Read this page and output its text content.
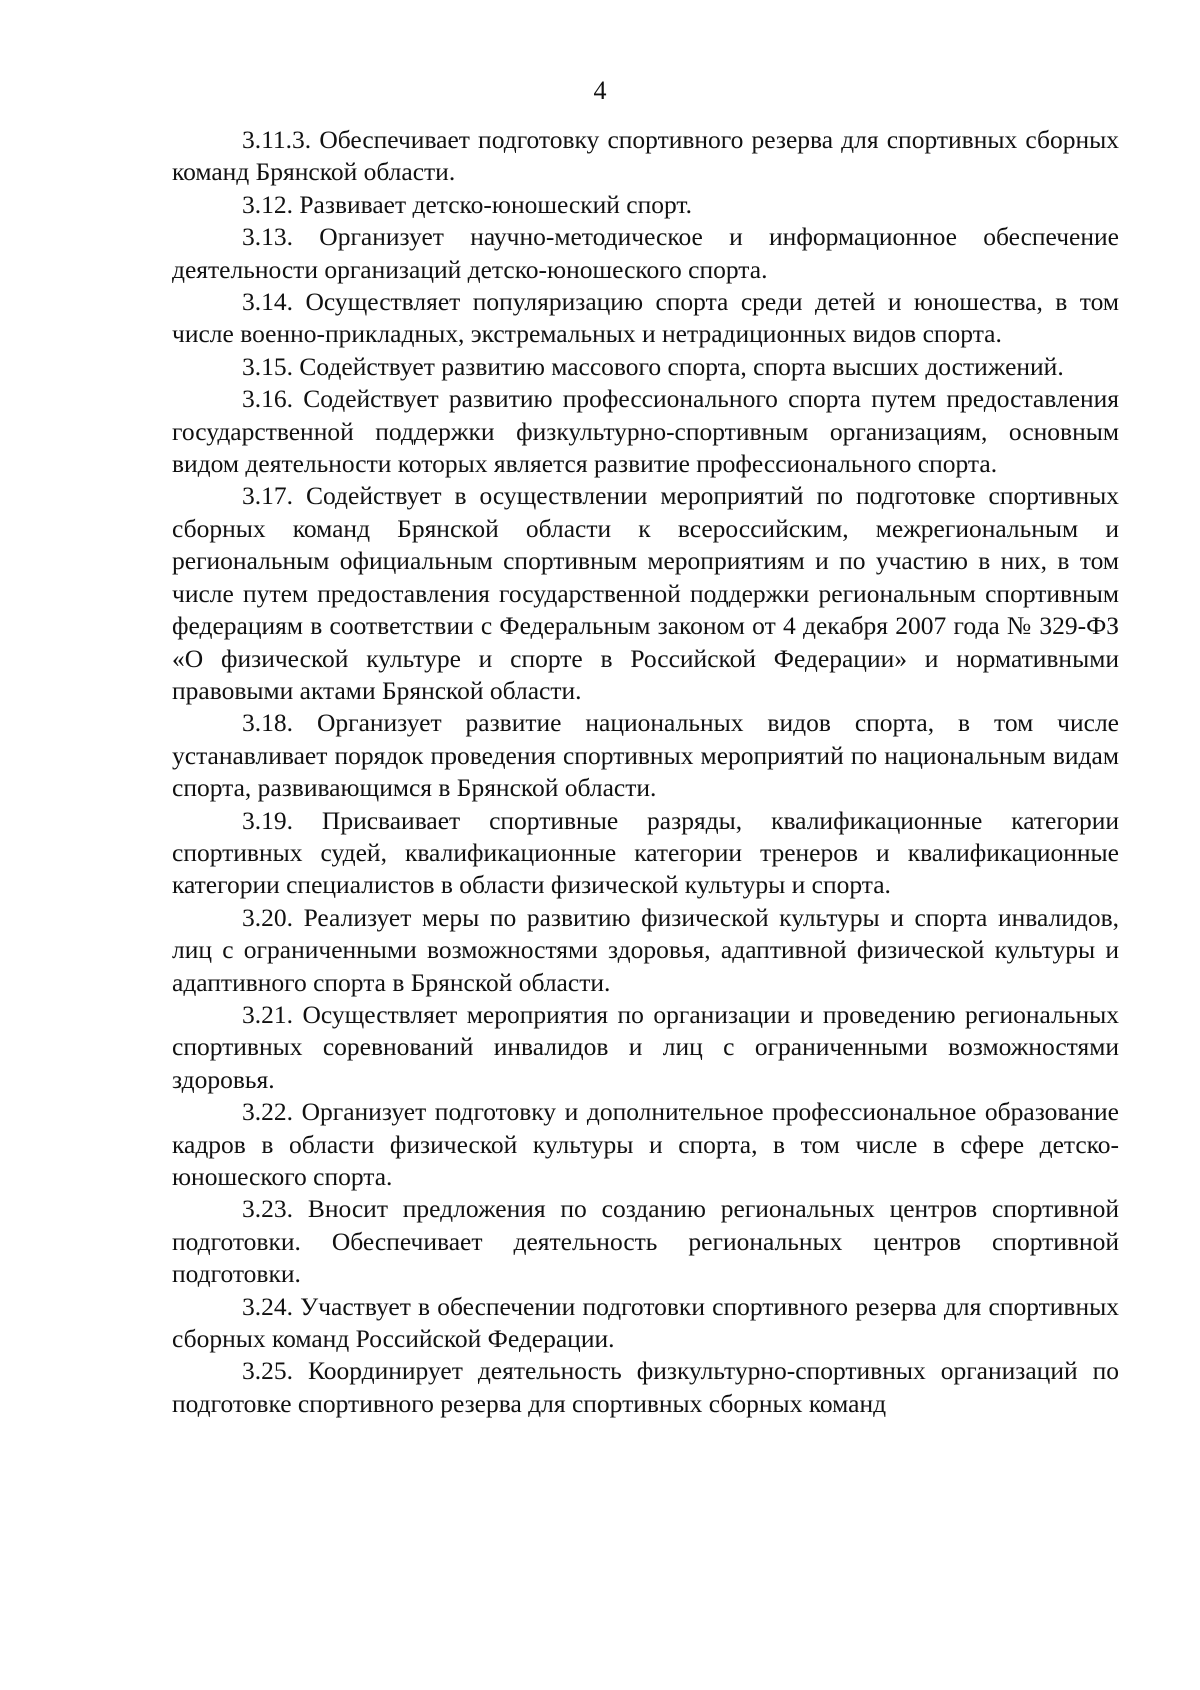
4

3.11.3. Обеспечивает подготовку спортивного резерва для спортивных сборных команд Брянской области.

3.12. Развивает детско-юношеский спорт.

3.13. Организует научно-методическое и информационное обеспечение деятельности организаций детско-юношеского спорта.

3.14. Осуществляет популяризацию спорта среди детей и юношества, в том числе военно-прикладных, экстремальных и нетрадиционных видов спорта.

3.15. Содействует развитию массового спорта, спорта высших достижений.

3.16. Содействует развитию профессионального спорта путем предоставления государственной поддержки физкультурно-спортивным организациям, основным видом деятельности которых является развитие профессионального спорта.

3.17. Содействует в осуществлении мероприятий по подготовке спортивных сборных команд Брянской области к всероссийским, межрегиональным и региональным официальным спортивным мероприятиям и по участию в них, в том числе путем предоставления государственной поддержки региональным спортивным федерациям в соответствии с Федеральным законом от 4 декабря 2007 года № 329-ФЗ «О физической культуре и спорте в Российской Федерации» и нормативными правовыми актами Брянской области.

3.18. Организует развитие национальных видов спорта, в том числе устанавливает порядок проведения спортивных мероприятий по национальным видам спорта, развивающимся в Брянской области.

3.19. Присваивает спортивные разряды, квалификационные категории спортивных судей, квалификационные категории тренеров и квалификационные категории специалистов в области физической культуры и спорта.

3.20. Реализует меры по развитию физической культуры и спорта инвалидов, лиц с ограниченными возможностями здоровья, адаптивной физической культуры и адаптивного спорта в Брянской области.

3.21. Осуществляет мероприятия по организации и проведению региональных спортивных соревнований инвалидов и лиц с ограниченными возможностями здоровья.

3.22. Организует подготовку и дополнительное профессиональное образование кадров в области физической культуры и спорта, в том числе в сфере детско-юношеского спорта.

3.23. Вносит предложения по созданию региональных центров спортивной подготовки. Обеспечивает деятельность региональных центров спортивной подготовки.

3.24. Участвует в обеспечении подготовки спортивного резерва для спортивных сборных команд Российской Федерации.

3.25. Координирует деятельность физкультурно-спортивных организаций по подготовке спортивного резерва для спортивных сборных команд
